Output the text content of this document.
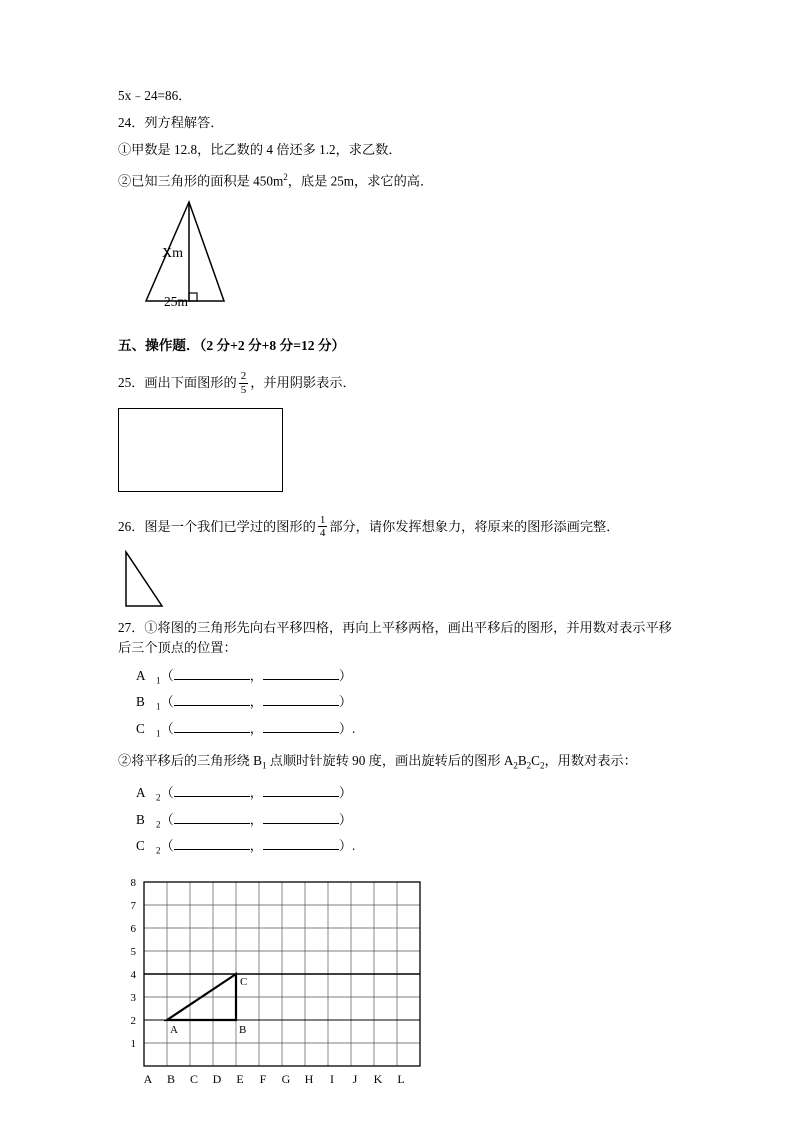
5x﹣24=86．
24．列方程解答．
①甲数是 12.8，比乙数的 4 倍还多 1.2，求乙数．
②已知三角形的面积是 $450m^2$，底是 25m，求它的高．
Xm
25m
五、操作题．（2 分+2 分+8 分=12 分）
25．画出下面图形的 $\frac{2}{5}$ ，并用阴影表示．
26．图是一个我们已学过的图形的 $\frac{1}{4}$ 部分，请你发挥想象力，将原来的图形添画完整．
27．①将图的三角形先向右平移四格，再向上平移两格，画出平移后的图形，并用数对表示平移后三个顶点的位置：
A $_1$（	，	）
B $_1$（	，	）
C $_1$（	，	）.
②将平移后的三角形绕 $B_1$ 点顺时针旋转 90 度，画出旋转后的图形 $A_2B_2C_2$，用数对表示：
A $_2$（	，	）
B $_2$（	，	）
C $_2$（	，	）.
8
7
6
5
4
3
2
1
A B C D E F G H I J K L
A	B
C
